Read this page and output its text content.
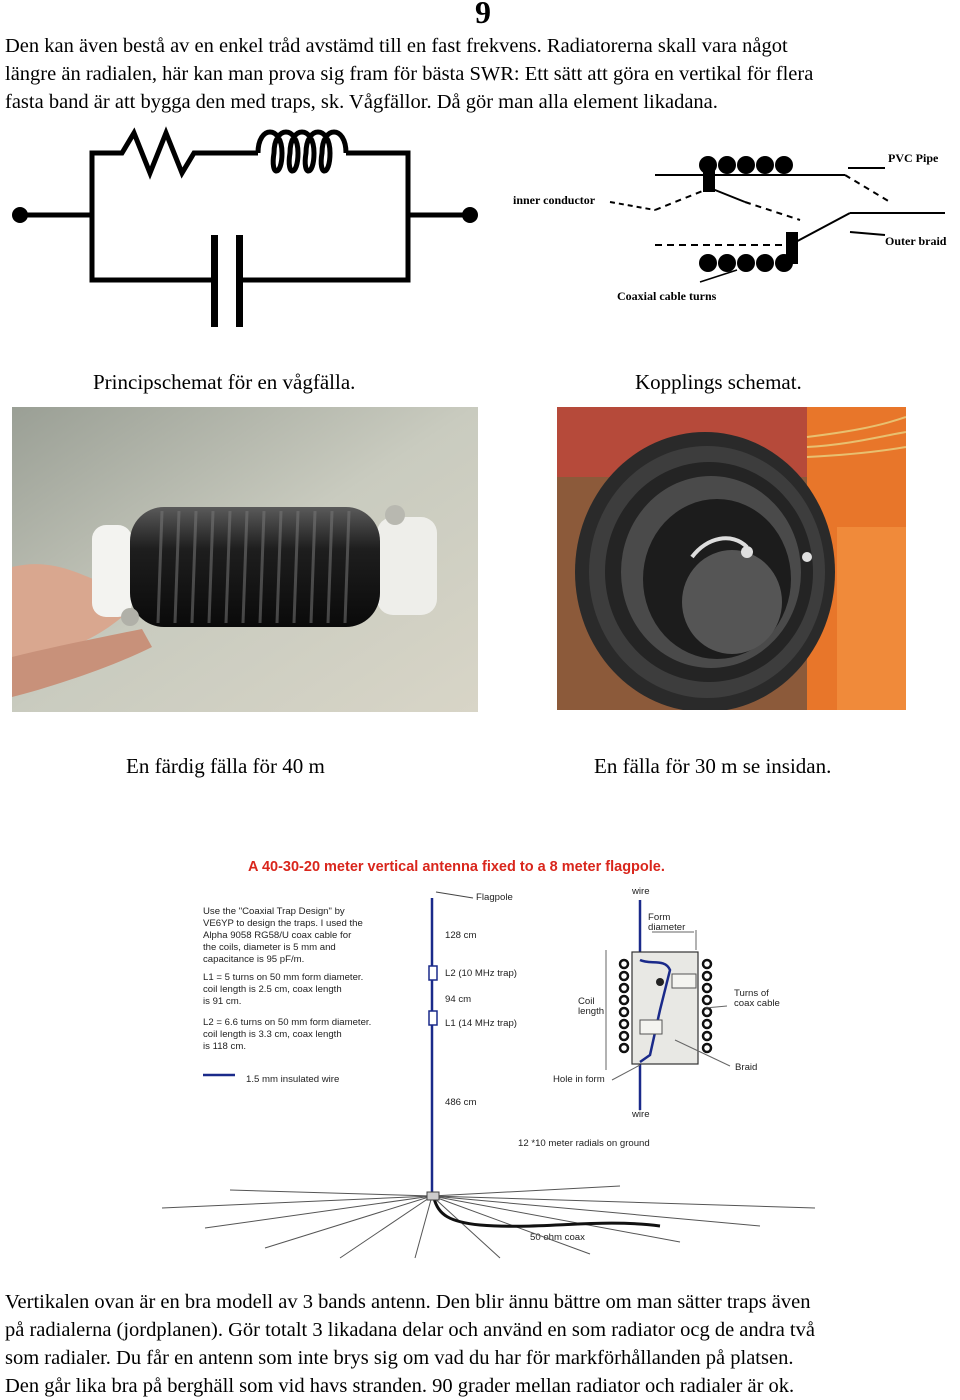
9
Den kan även bestå av en enkel tråd avstämd till en fast frekvens. Radiatorerna skall vara något
längre än radialen, här kan man prova sig fram för bästa SWR: Ett sätt att göra en vertikal för flera
fasta band är att bygga den med traps, sk. Vågfällor. Då gör man alla element likadana.
PVC Pipe
inner conductor
Outer braid
Coaxial cable turns
Principschemat för en vågfälla.	Kopplings schemat.
En färdig fälla för 40 m	En fälla för 30 m se insidan.
A 40-30-20 meter vertical antenna fixed to a 8 meter flagpole.
Use the "Coaxial Trap Design" by
VE6YP to design the traps. I used the
Alpha 9058 RG58/U coax cable for
the coils, diameter is 5 mm and
capacitance is 95 pF/m.
L1 = 5 turns on 50 mm form diameter.
coil length is 2.5 cm, coax length
is 91 cm.
L2 = 6.6 turns on 50 mm form diameter.
coil length is 3.3 cm, coax length
is 118 cm.
1.5 mm insulated wire
Flagpole
128 cm
L2 (10 MHz trap)
94 cm
L1 (14 MHz trap)
486 cm
12 *10 meter radials on ground
50 ohm coax
wire
Form
diameter
Coil
length
Turns of
coax cable
Braid
Hole in form
wire
Vertikalen ovan är en bra modell av 3 bands antenn. Den blir ännu bättre om man sätter traps även
på radialerna (jordplanen). Gör totalt 3 likadana delar och använd en som radiator ocg de andra två
som radialer. Du får en antenn som inte brys sig om vad du har för markförhållanden på platsen.
Den går lika bra på berghäll som vid havs stranden. 90 grader mellan radiator och radialer är ok.
